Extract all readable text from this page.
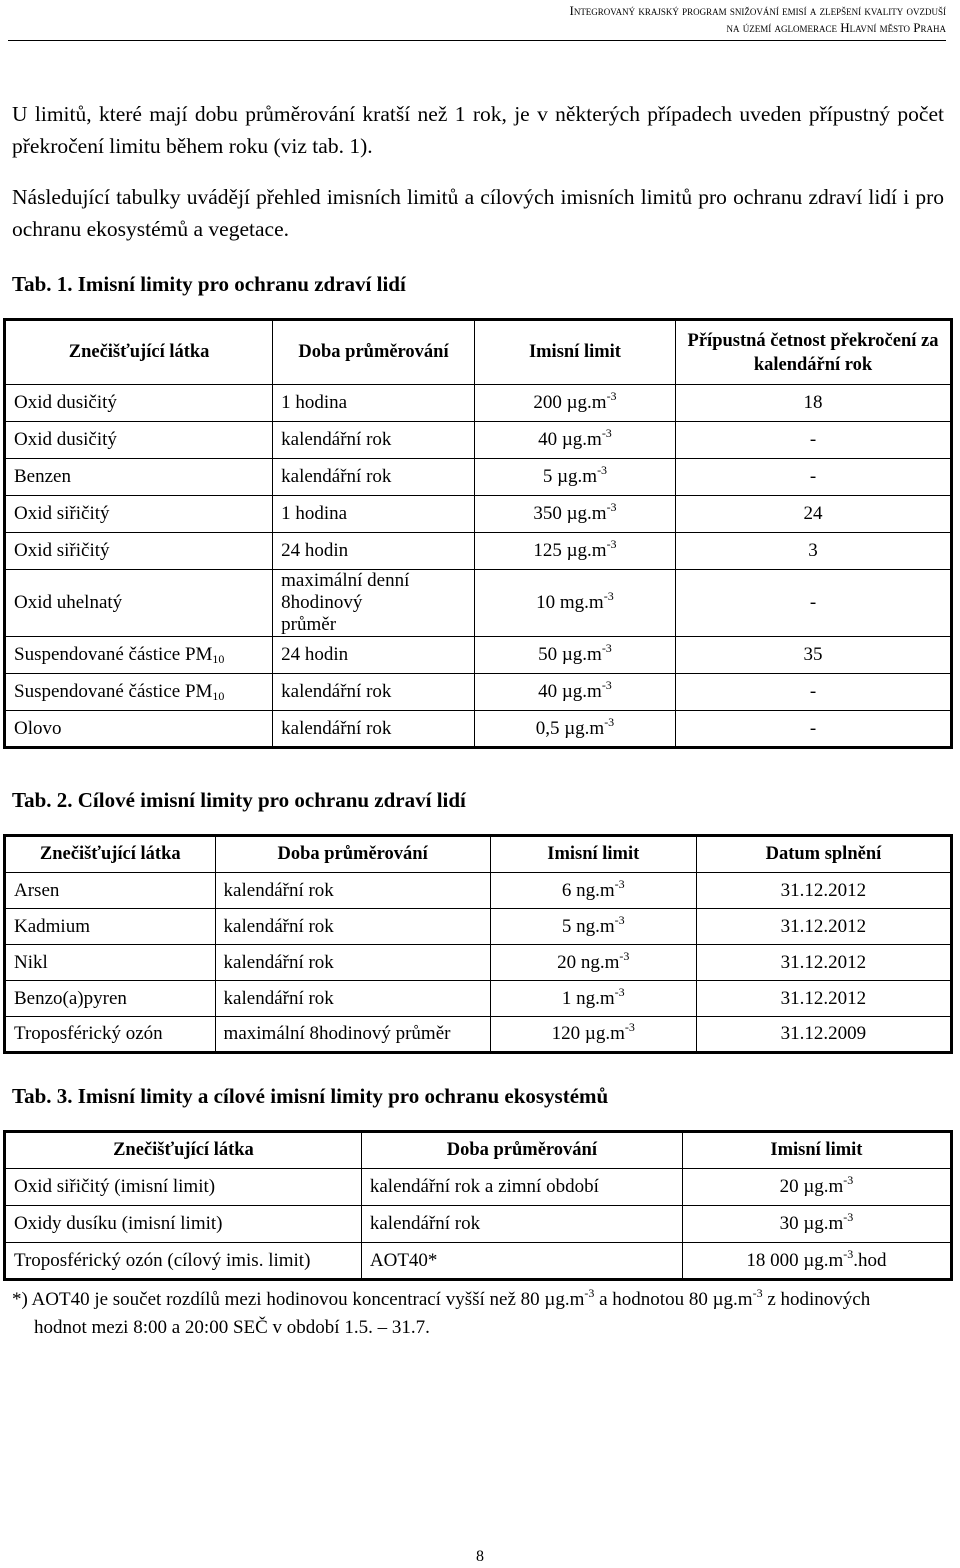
Integrovaný krajský program snižování emisí a zlepšení kvality ovzduší
na území aglomerace Hlavní město Praha
U limitů, které mají dobu průměrování kratší než 1 rok, je v některých případech uveden přípustný počet překročení limitu během roku (viz tab. 1).
Následující tabulky uvádějí přehled imisních limitů a cílových imisních limitů pro ochranu zdraví lidí i pro ochranu ekosystémů a vegetace.
Tab. 1. Imisní limity pro ochranu zdraví lidí
Znečišťující látka	Doba průměrování	Imisní limit	Přípustná četnost překročení za kalendářní rok
Oxid dusičitý	1 hodina	200 $\mu g.m^{-3}$	18
Oxid dusičitý	kalendářní rok	40 $\mu g.m^{-3}$	-
Benzen	kalendářní rok	5 $\mu g.m^{-3}$	-
Oxid siřičitý	1 hodina	350 $\mu g.m^{-3}$	24
Oxid siřičitý	24 hodin	125 $\mu g.m^{-3}$	3
Oxid uhelnatý	maximální denní 8hodinový průměr	10 $mg.m^{-3}$	-
Suspendované částice $PM_{10}$	24 hodin	50 $\mu g.m^{-3}$	35
Suspendované částice $PM_{10}$	kalendářní rok	40 $\mu g.m^{-3}$	-
Olovo	kalendářní rok	0,5 $\mu g.m^{-3}$	-
Tab. 2. Cílové imisní limity pro ochranu zdraví lidí
Znečišťující látka	Doba průměrování	Imisní limit	Datum splnění
Arsen	kalendářní rok	6 $ng.m^{-3}$	31.12.2012
Kadmium	kalendářní rok	5 $ng.m^{-3}$	31.12.2012
Nikl	kalendářní rok	20 $ng.m^{-3}$	31.12.2012
Benzo(a)pyren	kalendářní rok	1 $ng.m^{-3}$	31.12.2012
Troposférický ozón	maximální 8hodinový průměr	120 $\mu g.m^{-3}$	31.12.2009
Tab. 3. Imisní limity a cílové imisní limity pro ochranu ekosystémů
Znečišťující látka	Doba průměrování	Imisní limit
Oxid siřičitý (imisní limit)	kalendářní rok a zimní období	20 $\mu g.m^{-3}$
Oxidy dusíku (imisní limit)	kalendářní rok	30 $\mu g.m^{-3}$
Troposférický ozón (cílový imis. limit)	AOT40*	18 000 $\mu g.m^{-3}.hod$
*) AOT40 je součet rozdílů mezi hodinovou koncentrací vyšší než 80 $\mu g.m^{-3}$ a hodnotou 80 $\mu g.m^{-3}$ z hodinových
hodnot mezi 8:00 a 20:00 SEČ v období 1.5. – 31.7.
8
